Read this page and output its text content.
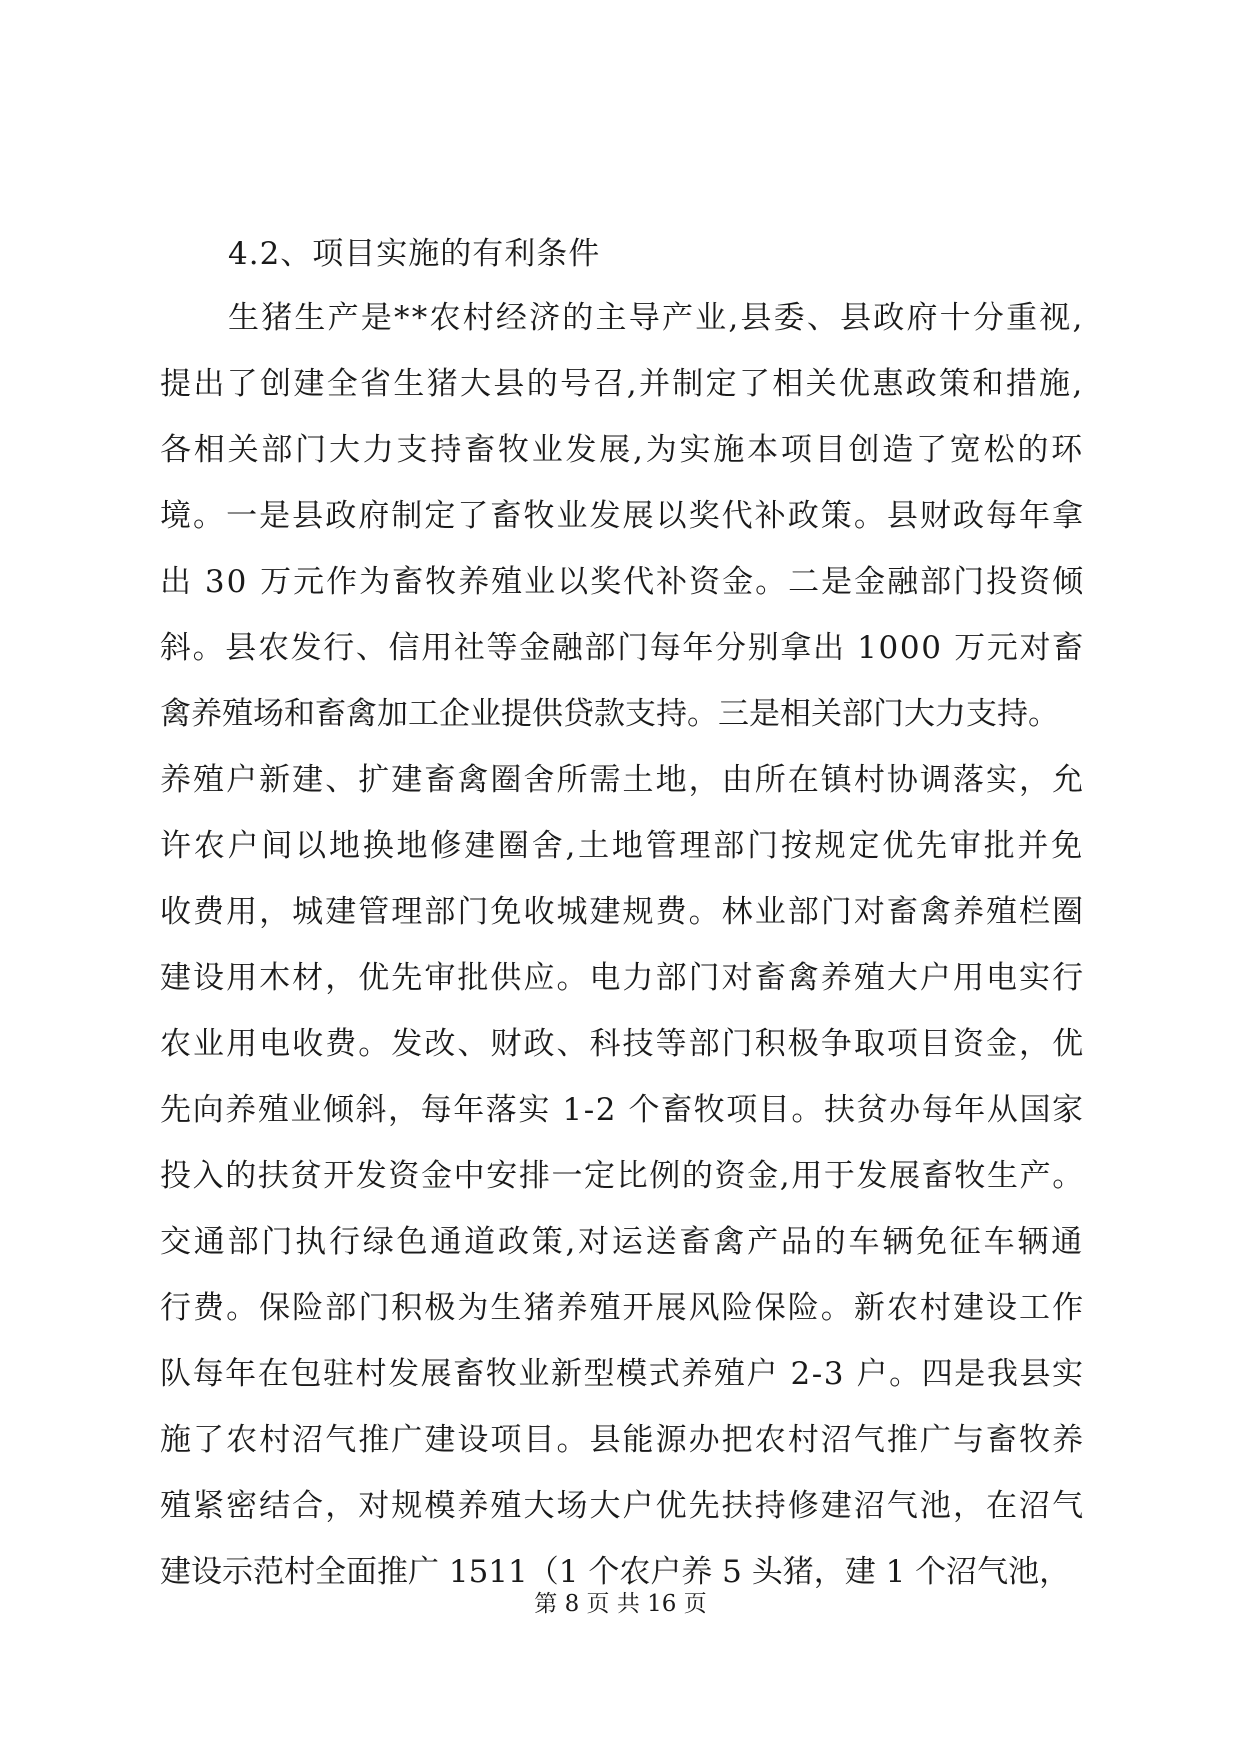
4.2、项目实施的有利条件
生猪生产是**农村经济的主导产业,县委、县政府十分重视,
提出了创建全省生猪大县的号召,并制定了相关优惠政策和措施,
各相关部门大力支持畜牧业发展,为实施本项目创造了宽松的环
境。一是县政府制定了畜牧业发展以奖代补政策。县财政每年拿
出 30 万元作为畜牧养殖业以奖代补资金。二是金融部门投资倾
斜。县农发行、信用社等金融部门每年分别拿出 1000 万元对畜
禽养殖场和畜禽加工企业提供贷款支持。三是相关部门大力支持。
养殖户新建、扩建畜禽圈舍所需土地，由所在镇村协调落实，允
许农户间以地换地修建圈舍,土地管理部门按规定优先审批并免
收费用，城建管理部门免收城建规费。林业部门对畜禽养殖栏圈
建设用木材，优先审批供应。电力部门对畜禽养殖大户用电实行
农业用电收费。发改、财政、科技等部门积极争取项目资金，优
先向养殖业倾斜，每年落实 1-2 个畜牧项目。扶贫办每年从国家
投入的扶贫开发资金中安排一定比例的资金,用于发展畜牧生产。
交通部门执行绿色通道政策,对运送畜禽产品的车辆免征车辆通
行费。保险部门积极为生猪养殖开展风险保险。新农村建设工作
队每年在包驻村发展畜牧业新型模式养殖户 2-3 户。四是我县实
施了农村沼气推广建设项目。县能源办把农村沼气推广与畜牧养
殖紧密结合，对规模养殖大场大户优先扶持修建沼气池，在沼气
建设示范村全面推广 1511（1 个农户养 5 头猪，建 1 个沼气池，
第 8 页 共 16 页
